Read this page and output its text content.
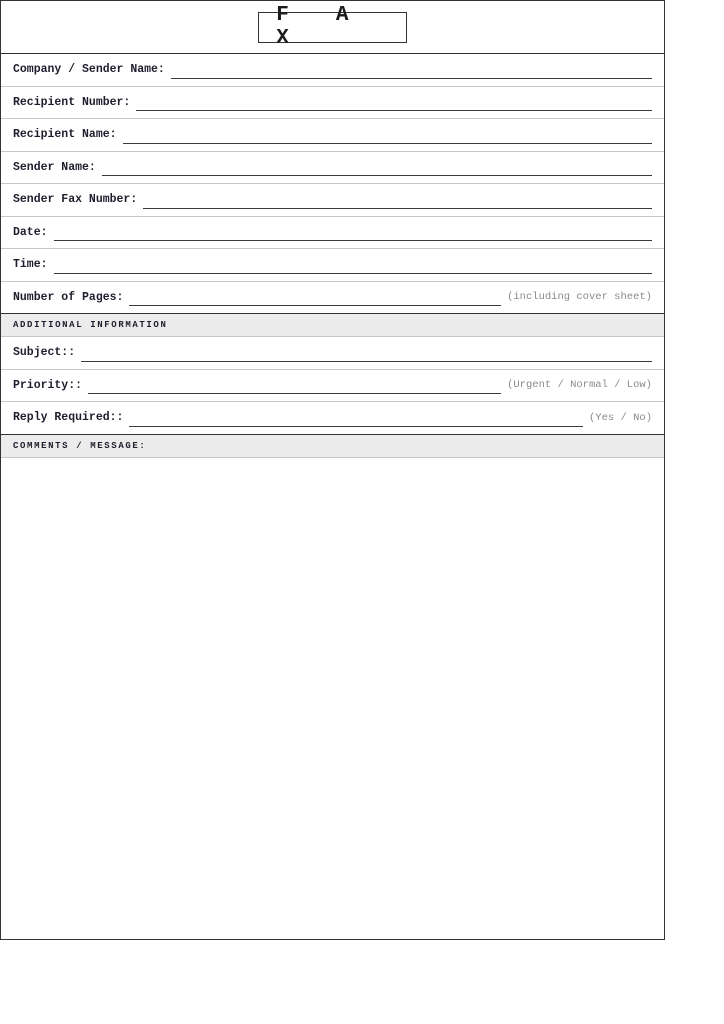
F A X
Company / Sender Name:
Recipient Number:
Recipient Name:
Sender Name:
Sender Fax Number:
Date:
Time:
Number of Pages:	(including cover sheet)
ADDITIONAL INFORMATION
Subject::
Priority::	(Urgent / Normal / Low)
Reply Required::	(Yes / No)
COMMENTS / MESSAGE:
